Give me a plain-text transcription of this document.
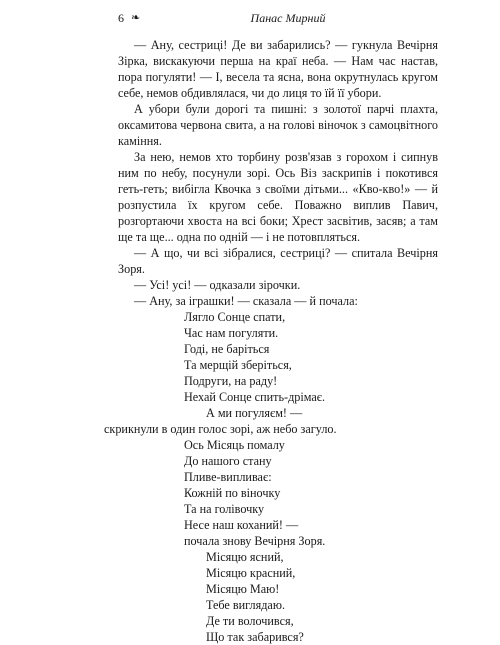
6 ❧	Панас Мирний

— Ану, сестриці! Де ви забарились? — гукнула Вечірня Зірка, вискакуючи перша на краї неба. — Нам час настав, пора погуляти! — І, весела та ясна, вона окрутнулась кругом себе, немов обдивлялася, чи до лиця то їй її убори.

А убори були дорогі та пишні: з золотої парчі плахта, оксамитова червона свита, а на голові віночок з самоцвітного каміння.

За нею, немов хто торбину розв'язав з горохом і сипнув ним по небу, посунули зорі. Ось Віз заскрипів і покотився геть-геть; вибігла Квочка з своїми дітьми... «Кво-кво!» — й розпустила їх кругом себе. Поважно виплив Павич, розгортаючи хвоста на всі боки; Хрест засвітив, засяв; а там ще та ще... одна по одній — і не потовпляться.

— А що, чи всі зібралися, сестриці? — спитала Вечірня Зоря.

— Усі! усі! — одказали зірочки.

— Ану, за іграшки! — сказала — й почала:

Лягло Сонце спати,

Час нам погуляти.

Годі, не баріться

Та мерщій зберіться,

Подруги, на раду!

Нехай Сонце спить-дрімає.

А ми погуляєм! —

скрикнули в один голос зорі, аж небо загуло.

Ось Місяць помалу

До нашого стану

Пливе-випливає:

Кожній по віночку

Та на голівочку

Несе наш коханий! —

почала знову Вечірня Зоря.

Місяцю ясний,

Місяцю красний,

Місяцю Маю!

Тебе виглядаю.

Де ти волочився,

Що так забарився?
